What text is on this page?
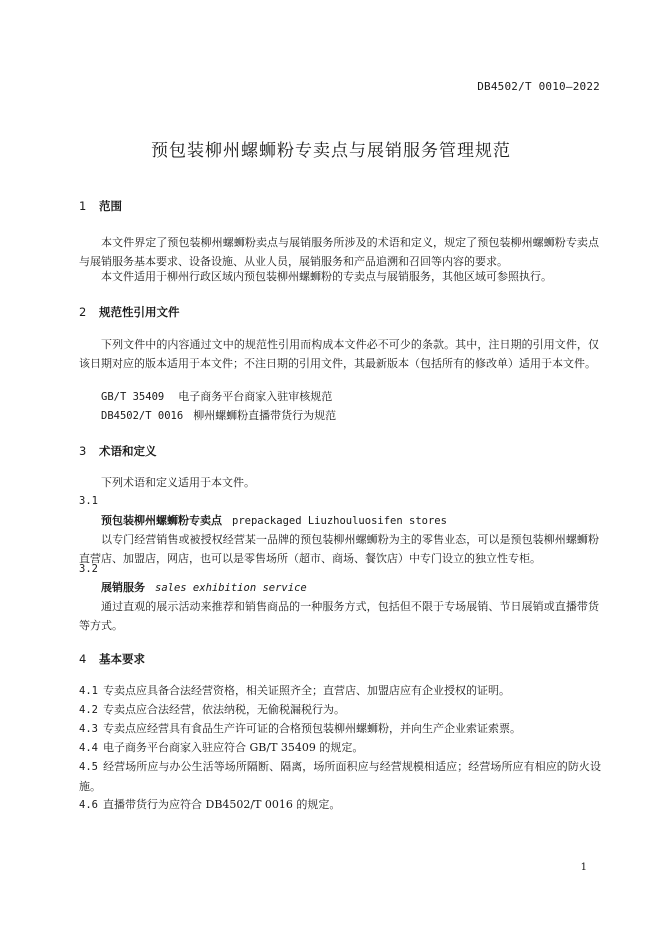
DB4502/T 0010—2022
预包装柳州螺蛳粉专卖点与展销服务管理规范
1 范围
本文件界定了预包装柳州螺蛳粉卖点与展销服务所涉及的术语和定义，规定了预包装柳州螺蛳粉专卖点与展销服务基本要求、设备设施、从业人员，展销服务和产品追溯和召回等内容的要求。
本文件适用于柳州行政区域内预包装柳州螺蛳粉的专卖点与展销服务，其他区域可参照执行。
2 规范性引用文件
下列文件中的内容通过文中的规范性引用而构成本文件必不可少的条款。其中，注日期的引用文件，仅该日期对应的版本适用于本文件；不注日期的引用文件，其最新版本（包括所有的修改单）适用于本文件。
GB/T 35409 电子商务平台商家入驻审核规范
DB4502/T 0016 柳州螺蛳粉直播带货行为规范
3 术语和定义
下列术语和定义适用于本文件。
3.1
预包装柳州螺蛳粉专卖点 prepackaged Liuzhouluosifen stores
以专门经营销售或被授权经营某一品牌的预包装柳州螺蛳粉为主的零售业态，可以是预包装柳州螺蛳粉直营店、加盟店，网店，也可以是零售场所（超市、商场、餐饮店）中专门设立的独立性专柜。
3.2
展销服务 sales exhibition service
通过直观的展示活动来推荐和销售商品的一种服务方式，包括但不限于专场展销、节日展销或直播带货等方式。
4 基本要求
4.1 专卖点应具备合法经营资格，相关证照齐全；直营店、加盟店应有企业授权的证明。
4.2 专卖点应合法经营，依法纳税，无偷税漏税行为。
4.3 专卖点应经营具有食品生产许可证的合格预包装柳州螺蛳粉，并向生产企业索证索票。
4.4 电子商务平台商家入驻应符合 GB/T 35409 的规定。
4.5 经营场所应与办公生活等场所隔断、隔离，场所面积应与经营规模相适应；经营场所应有相应的防火设施。
4.6 直播带货行为应符合 DB4502/T 0016 的规定。
1
